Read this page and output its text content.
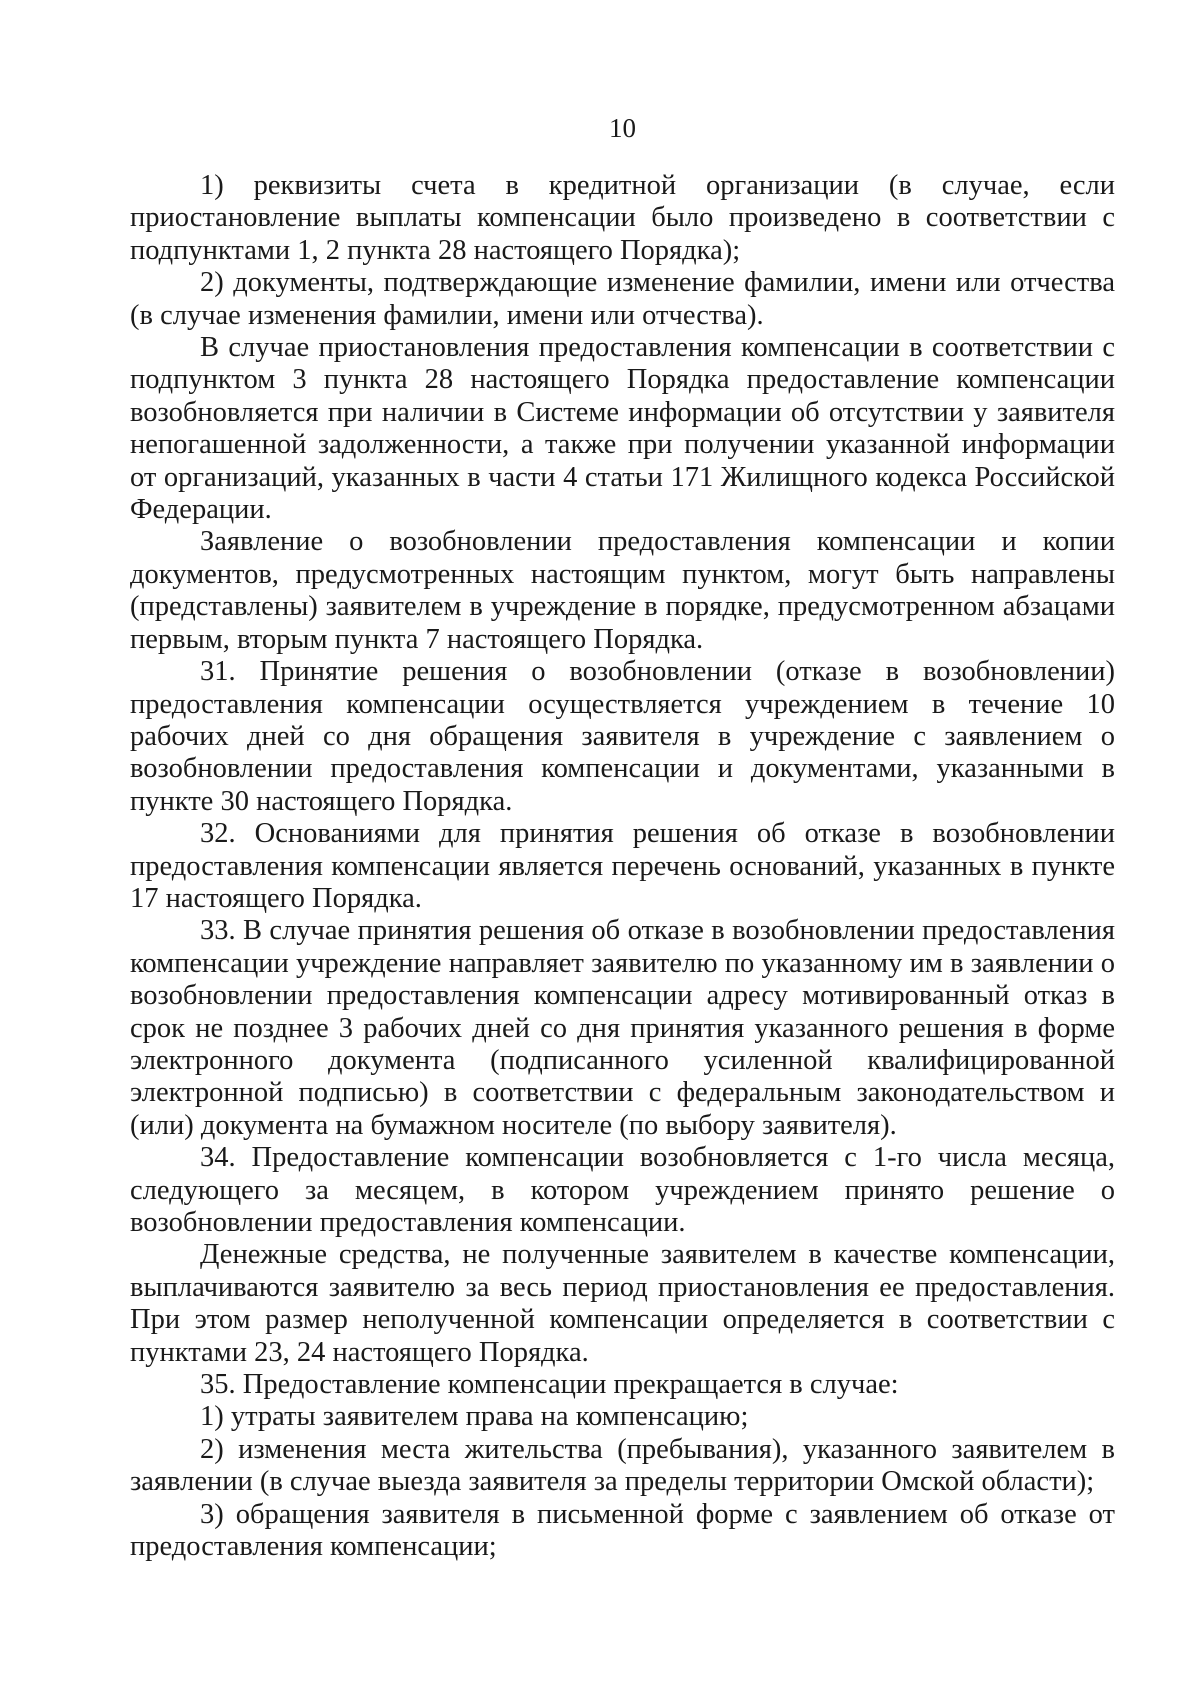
10

1) реквизиты счета в кредитной организации (в случае, если приостановление выплаты компенсации было произведено в соответствии с подпунктами 1, 2 пункта 28 настоящего Порядка);

2) документы, подтверждающие изменение фамилии, имени или отчества (в случае изменения фамилии, имени или отчества).

В случае приостановления предоставления компенсации в соответствии с подпунктом 3 пункта 28 настоящего Порядка предоставление компенсации возобновляется при наличии в Системе информации об отсутствии у заявителя непогашенной задолженности, а также при получении указанной информации от организаций, указанных в части 4 статьи 171 Жилищного кодекса Российской Федерации.

Заявление о возобновлении предоставления компенсации и копии документов, предусмотренных настоящим пунктом, могут быть направлены (представлены) заявителем в учреждение в порядке, предусмотренном абзацами первым, вторым пункта 7 настоящего Порядка.

31. Принятие решения о возобновлении (отказе в возобновлении) предоставления компенсации осуществляется учреждением в течение 10 рабочих дней со дня обращения заявителя в учреждение с заявлением о возобновлении предоставления компенсации и документами, указанными в пункте 30 настоящего Порядка.

32. Основаниями для принятия решения об отказе в возобновлении предоставления компенсации является перечень оснований, указанных в пункте 17 настоящего Порядка.

33. В случае принятия решения об отказе в возобновлении предоставления компенсации учреждение направляет заявителю по указанному им в заявлении о возобновлении предоставления компенсации адресу мотивированный отказ в срок не позднее 3 рабочих дней со дня принятия указанного решения в форме электронного документа (подписанного усиленной квалифицированной электронной подписью) в соответствии с федеральным законодательством и (или) документа на бумажном носителе (по выбору заявителя).

34. Предоставление компенсации возобновляется с 1-го числа месяца, следующего за месяцем, в котором учреждением принято решение о возобновлении предоставления компенсации.

Денежные средства, не полученные заявителем в качестве компенсации, выплачиваются заявителю за весь период приостановления ее предоставления. При этом размер неполученной компенсации определяется в соответствии с пунктами 23, 24 настоящего Порядка.

35. Предоставление компенсации прекращается в случае:

1) утраты заявителем права на компенсацию;

2) изменения места жительства (пребывания), указанного заявителем в заявлении (в случае выезда заявителя за пределы территории Омской области);

3) обращения заявителя в письменной форме с заявлением об отказе от предоставления компенсации;
